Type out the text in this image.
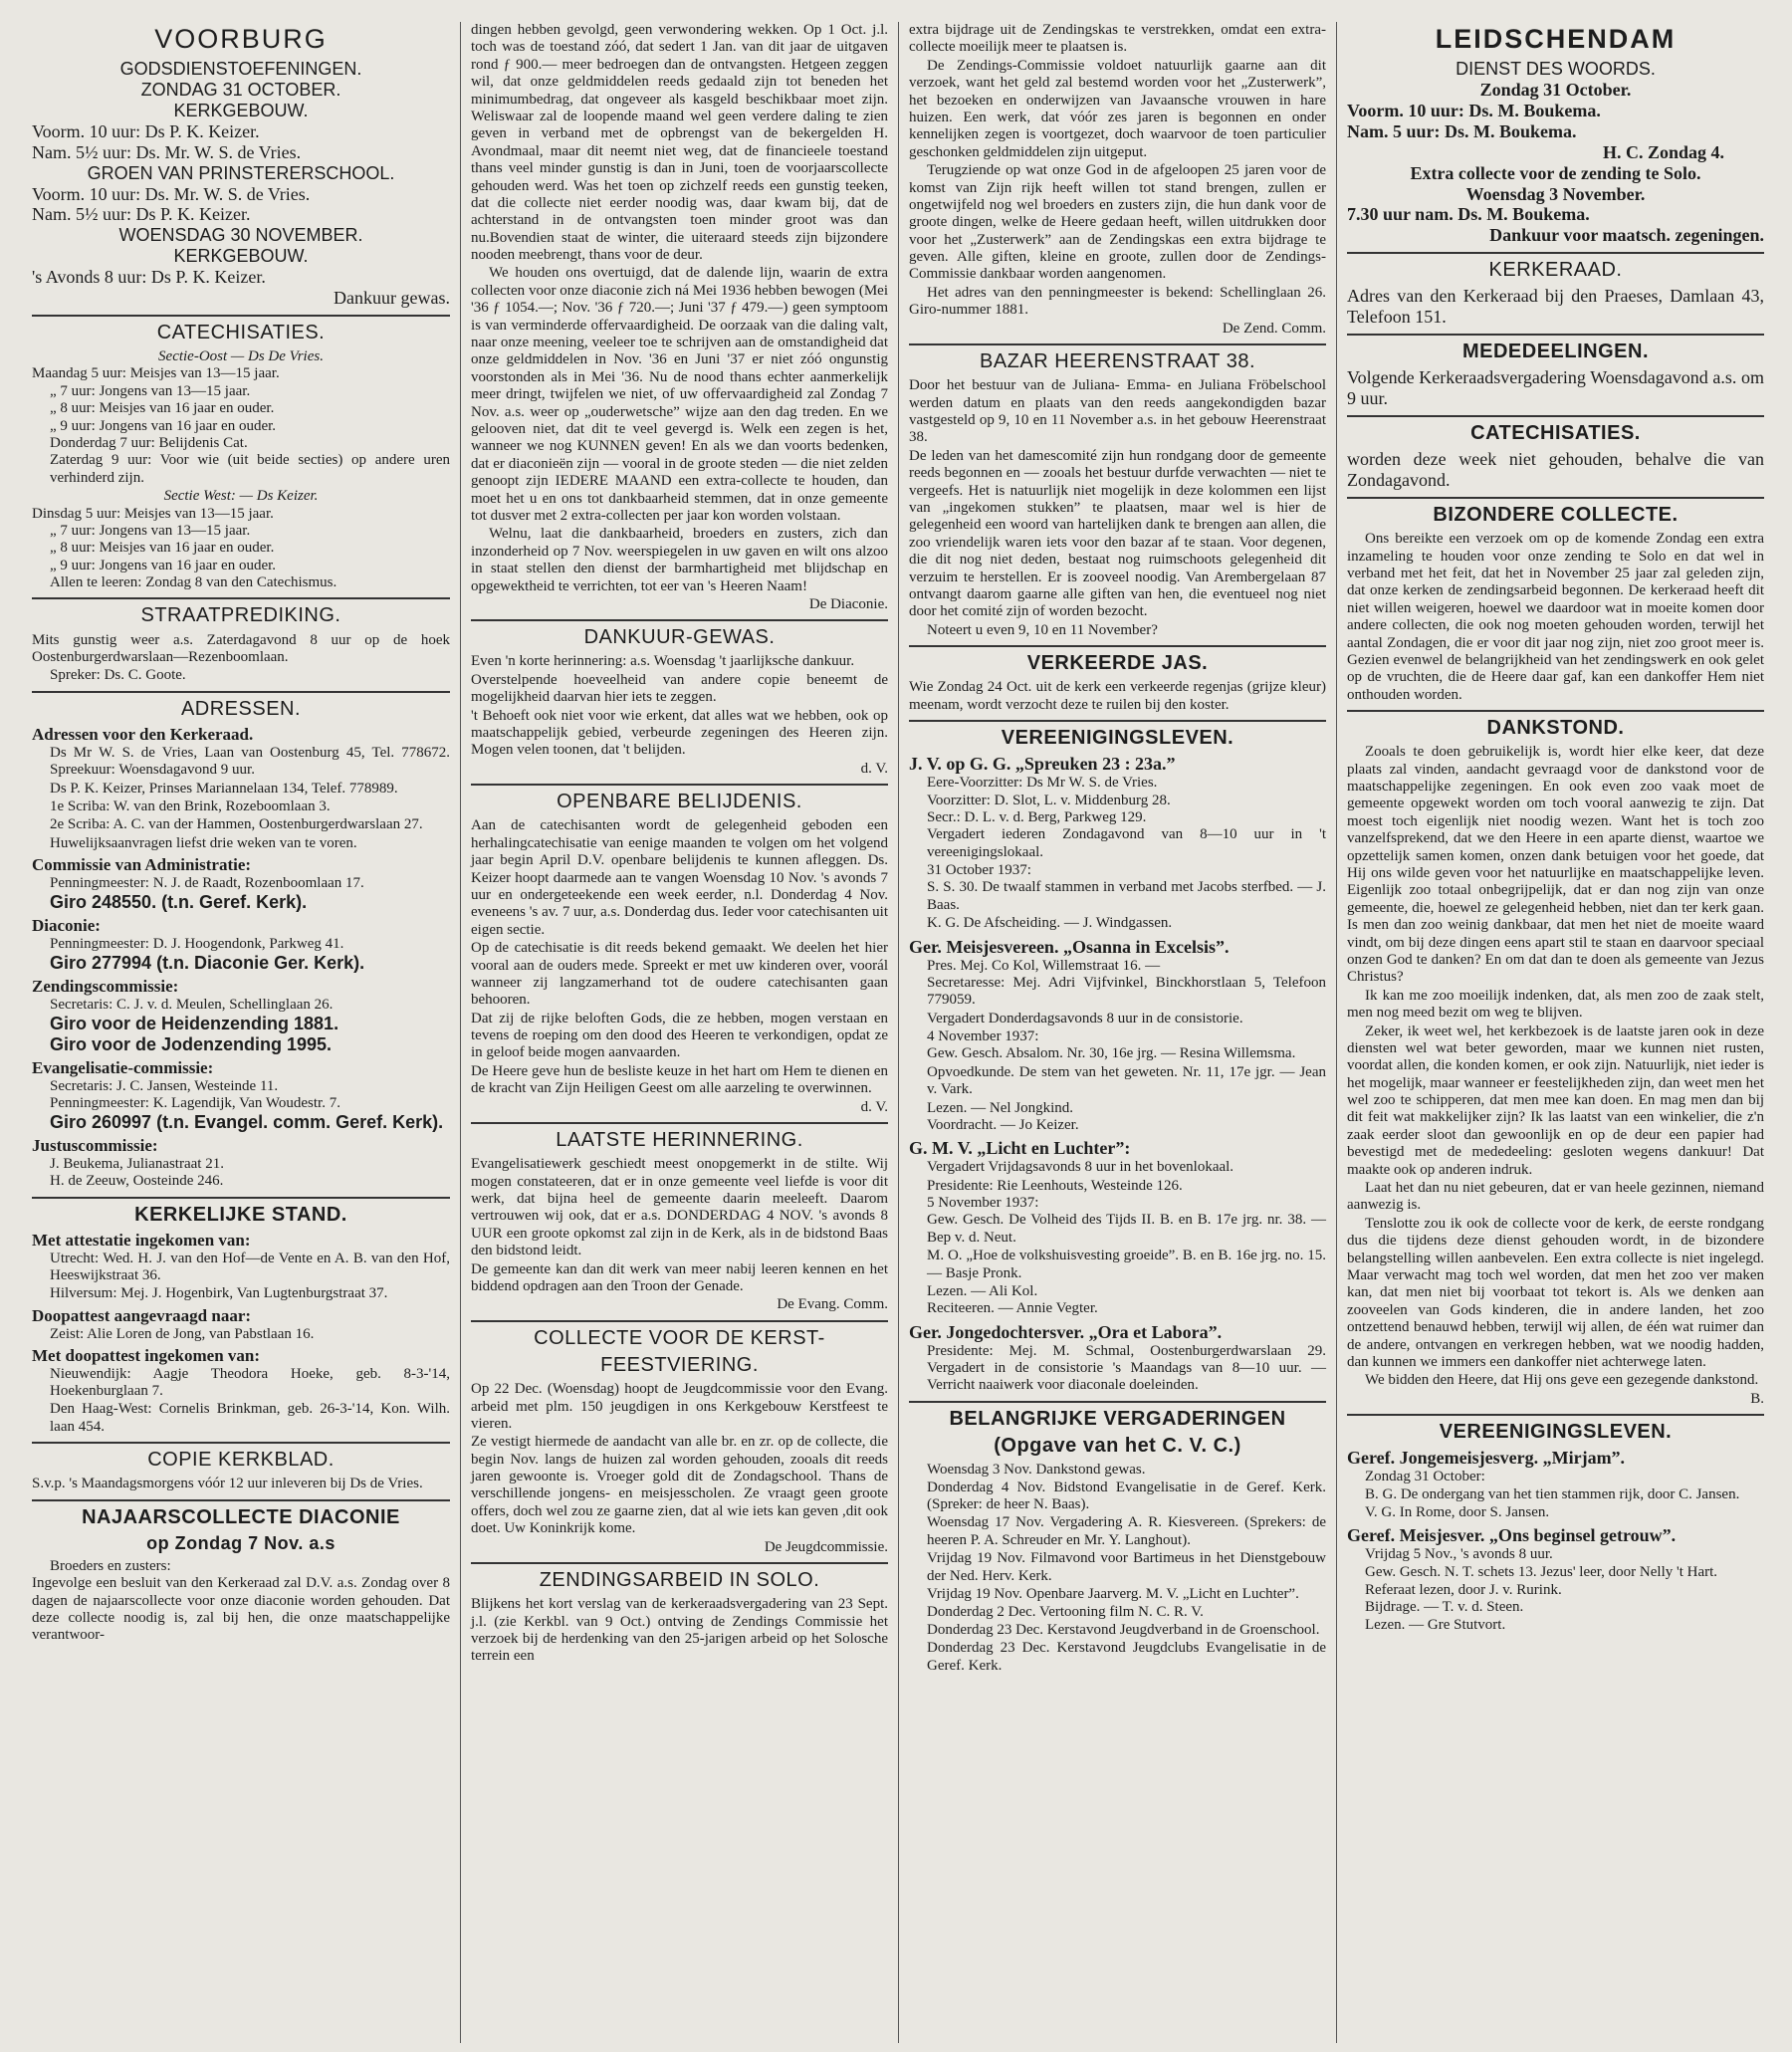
VOORBURG
GODSDIENSTOEFENINGEN.
ZONDAG 31 OCTOBER.
KERKGEBOUW.
Voorm. 10 uur: Ds P. K. Keizer.
Nam. 5½ uur: Ds. Mr. W. S. de Vries.
GROEN VAN PRINSTERERSCHOOL.
Voorm. 10 uur: Ds. Mr. W. S. de Vries.
Nam. 5½ uur: Ds P. K. Keizer.
WOENSDAG 30 NOVEMBER.
KERKGEBOUW.
's Avonds 8 uur: Ds P. K. Keizer.
Dankuur gewas.
CATECHISATIES.
Sectie-Oost — Ds De Vries.
Maandag 5 uur: Meisjes van 13—15 jaar.
„ 7 uur: Jongens van 13—15 jaar.
„ 8 uur: Meisjes van 16 jaar en ouder.
„ 9 uur: Jongens van 16 jaar en ouder.
Donderdag 7 uur: Belijdenis Cat.
Zaterdag 9 uur: Voor wie (uit beide secties) op andere uren verhinderd zijn.
Sectie West: — Ds Keizer.
Dinsdag 5 uur: Meisjes van 13—15 jaar.
„ 7 uur: Jongens van 13—15 jaar.
„ 8 uur: Meisjes van 16 jaar en ouder.
„ 9 uur: Jongens van 16 jaar en ouder.
Allen te leeren: Zondag 8 van den Catechismus.
STRAATPREDIKING.
Mits gunstig weer a.s. Zaterdagavond 8 uur op de hoek Oostenburgerdwarslaan—Rezenboomlaan.
Spreker: Ds. C. Goote.
ADRESSEN.
Adressen voor den Kerkeraad.
Ds Mr W. S. de Vries, Laan van Oostenburg 45, Tel. 778672. Spreekuur: Woensdagavond 9 uur.
Ds P. K. Keizer, Prinses Mariannelaan 134, Telef. 778989.
1e Scriba: W. van den Brink, Rozeboomlaan 3.
2e Scriba: A. C. van der Hammen, Oostenburgerdwarslaan 27.
Huwelijksaanvragen liefst drie weken van te voren.
Commissie van Administratie:
Penningmeester: N. J. de Raadt, Rozenboomlaan 17.
Giro 248550. (t.n. Geref. Kerk).
Diaconie:
Penningmeester: D. J. Hoogendonk, Parkweg 41.
Giro 277994 (t.n. Diaconie Ger. Kerk).
Zendingscommissie:
Secretaris: C. J. v. d. Meulen, Schellinglaan 26.
Giro voor de Heidenzending 1881.
Giro voor de Jodenzending 1995.
Evangelisatie-commissie:
Secretaris: J. C. Jansen, Westeinde 11.
Penningmeester: K. Lagendijk, Van Woudestr. 7.
Giro 260997 (t.n. Evangel. comm. Geref. Kerk).
Justuscommissie:
J. Beukema, Julianastraat 21.
H. de Zeeuw, Oosteinde 246.
KERKELIJKE STAND.
Met attestatie ingekomen van:
Utrecht: Wed. H. J. van den Hof—de Vente en A. B. van den Hof, Heeswijkstraat 36.
Hilversum: Mej. J. Hogenbirk, Van Lugtenburgstraat 37.
Doopattest aangevraagd naar:
Zeist: Alie Loren de Jong, van Pabstlaan 16.
Met doopattest ingekomen van:
Nieuwendijk: Aagje Theodora Hoeke, geb. 8-3-'14, Hoekenburglaan 7.
Den Haag-West: Cornelis Brinkman, geb. 26-3-'14, Kon. Wilh. laan 454.
COPIE KERKBLAD.
S.v.p. 's Maandagsmorgens vóór 12 uur inleveren bij Ds de Vries.
NAJAARSCOLLECTE DIACONIE
op Zondag 7 Nov. a.s
Broeders en zusters:
Ingevolge een besluit van den Kerkeraad zal D.V. a.s. Zondag over 8 dagen de najaarscollecte voor onze diaconie worden gehouden. Dat deze collecte noodig is, zal bij hen, die onze maatschappelijke verantwoor-
dingen hebben gevolgd, geen verwondering wekken. Op 1 Oct. j.l. toch was de toestand zóó, dat sedert 1 Jan. van dit jaar de uitgaven rond ƒ 900.— meer bedroegen dan de ontvangsten. Hetgeen zeggen wil, dat onze geldmiddelen reeds gedaald zijn tot beneden het minimumbedrag, dat ongeveer als kasgeld beschikbaar moet zijn. Weliswaar zal de loopende maand wel geen verdere daling te zien geven in verband met de opbrengst van de bekergelden H. Avondmaal, maar dit neemt niet weg, dat de financieele toestand thans veel minder gunstig is dan in Juni, toen de voorjaarscollecte gehouden werd. Was het toen op zichzelf reeds een gunstig teeken, dat die collecte niet eerder noodig was, daar kwam bij, dat de achterstand in de ontvangsten toen minder groot was dan nu.Bovendien staat de winter, die uiteraard steeds zijn bijzondere nooden meebrengt, thans voor de deur.
We houden ons overtuigd, dat de dalende lijn, waarin de extra collecten voor onze diaconie zich ná Mei 1936 hebben bewogen (Mei '36 ƒ 1054.—; Nov. '36 ƒ 720.—; Juni '37 ƒ 479.—) geen symptoom is van verminderde offervaardigheid. De oorzaak van die daling valt, naar onze meening, veeleer toe te schrijven aan de omstandigheid dat onze geldmiddelen in Nov. '36 en Juni '37 er niet zóó ongunstig voorstonden als in Mei '36. Nu de nood thans echter aanmerkelijk meer dringt, twijfelen we niet, of uw offervaardigheid zal Zondag 7 Nov. a.s. weer op „ouderwetsche” wijze aan den dag treden. En we gelooven niet, dat dit te veel gevergd is. Welk een zegen is het, wanneer we nog KUNNEN geven! En als we dan voorts bedenken, dat er diaconieën zijn — vooral in de groote steden — die niet zelden genoopt zijn IEDERE MAAND een extra-collecte te houden, dan moet het u en ons tot dankbaarheid stemmen, dat in onze gemeente tot dusver met 2 extra-collecten per jaar kon worden volstaan.
Welnu, laat die dankbaarheid, broeders en zusters, zich dan inzonderheid op 7 Nov. weerspiegelen in uw gaven en wilt ons alzoo in staat stellen den dienst der barmhartigheid met blijdschap en opgewektheid te verrichten, tot eer van 's Heeren Naam!
De Diaconie.
DANKUUR-GEWAS.
Even 'n korte herinnering: a.s. Woensdag 't jaarlijksche dankuur.
Overstelpende hoeveelheid van andere copie beneemt de mogelijkheid daarvan hier iets te zeggen.
't Behoeft ook niet voor wie erkent, dat alles wat we hebben, ook op maatschappelijk gebied, verbeurde zegeningen des Heeren zijn. Mogen velen toonen, dat 't belijden.
d. V.
OPENBARE BELIJDENIS.
Aan de catechisanten wordt de gelegenheid geboden een herhalingcatechisatie van eenige maanden te volgen om het volgend jaar begin April D.V. openbare belijdenis te kunnen afleggen. Ds. Keizer hoopt daarmede aan te vangen Woensdag 10 Nov. 's avonds 7 uur en ondergeteekende een week eerder, n.l. Donderdag 4 Nov. eveneens 's av. 7 uur, a.s. Donderdag dus. Ieder voor catechisanten uit eigen sectie.
Op de catechisatie is dit reeds bekend gemaakt. We deelen het hier vooral aan de ouders mede. Spreekt er met uw kinderen over, voorál wanneer zij langzamerhand tot de oudere catechisanten gaan behooren.
Dat zij de rijke beloften Gods, die ze hebben, mogen verstaan en tevens de roeping om den dood des Heeren te verkondigen, opdat ze in geloof beide mogen aanvaarden.
De Heere geve hun de besliste keuze in het hart om Hem te dienen en de kracht van Zijn Heiligen Geest om alle aarzeling te overwinnen.
d. V.
LAATSTE HERINNERING.
Evangelisatiewerk geschiedt meest onopgemerkt in de stilte. Wij mogen constateeren, dat er in onze gemeente veel liefde is voor dit werk, dat bijna heel de gemeente daarin meeleeft. Daarom vertrouwen wij ook, dat er a.s. DONDERDAG 4 NOV. 's avonds 8 UUR een groote opkomst zal zijn in de Kerk, als in de bidstond Baas den bidstond leidt.
De gemeente kan dan dit werk van meer nabij leeren kennen en het biddend opdragen aan den Troon der Genade.
De Evang. Comm.
COLLECTE VOOR DE KERST-
FEESTVIERING.
Op 22 Dec. (Woensdag) hoopt de Jeugdcommissie voor den Evang. arbeid met plm. 150 jeugdigen in ons Kerkgebouw Kerstfeest te vieren.
Ze vestigt hiermede de aandacht van alle br. en zr. op de collecte, die begin Nov. langs de huizen zal worden gehouden, zooals dit reeds jaren gewoonte is. Vroeger gold dit de Zondagschool. Thans de verschillende jongens- en meisjesscholen. Ze vraagt geen groote offers, doch wel zou ze gaarne zien, dat al wie iets kan geven ,dit ook doet. Uw Koninkrijk kome.
De Jeugdcommissie.
ZENDINGSARBEID IN SOLO.
Blijkens het kort verslag van de kerkeraadsvergadering van 23 Sept. j.l. (zie Kerkbl. van 9 Oct.) ontving de Zendings Commissie het verzoek bij de herdenking van den 25-jarigen arbeid op het Solosche terrein een
extra bijdrage uit de Zendingskas te verstrekken, omdat een extra-collecte moeilijk meer te plaatsen is.
De Zendings-Commissie voldoet natuurlijk gaarne aan dit verzoek, want het geld zal bestemd worden voor het „Zusterwerk”, het bezoeken en onderwijzen van Javaansche vrouwen in hare huizen. Een werk, dat vóór zes jaren is begonnen en onder kennelijken zegen is voortgezet, doch waarvoor de toen particulier geschonken geldmiddelen zijn uitgeput.
Terugziende op wat onze God in de afgeloopen 25 jaren voor de komst van Zijn rijk heeft willen tot stand brengen, zullen er ongetwijfeld nog wel broeders en zusters zijn, die hun dank voor de groote dingen, welke de Heere gedaan heeft, willen uitdrukken door voor het „Zusterwerk” aan de Zendingskas een extra bijdrage te geven. Alle giften, kleine en groote, zullen door de Zendings-Commissie dankbaar worden aangenomen.
Het adres van den penningmeester is bekend: Schellinglaan 26. Giro-nummer 1881.
De Zend. Comm.
BAZAR HEERENSTRAAT 38.
Door het bestuur van de Juliana- Emma- en Juliana Fröbelschool werden datum en plaats van den reeds aangekondigden bazar vastgesteld op 9, 10 en 11 November a.s. in het gebouw Heerenstraat 38.
De leden van het damescomité zijn hun rondgang door de gemeente reeds begonnen en — zooals het bestuur durfde verwachten — niet te vergeefs. Het is natuurlijk niet mogelijk in deze kolommen een lijst van „ingekomen stukken” te plaatsen, maar wel is hier de gelegenheid een woord van hartelijken dank te brengen aan allen, die zoo vriendelijk waren iets voor den bazar af te staan. Voor degenen, die dit nog niet deden, bestaat nog ruimschoots gelegenheid dit verzuim te herstellen. Er is zooveel noodig. Van Arembergelaan 87 ontvangt daarom gaarne alle giften van hen, die eventueel nog niet door het comité zijn of worden bezocht.
Noteert u even 9, 10 en 11 November?
VERKEERDE JAS.
Wie Zondag 24 Oct. uit de kerk een verkeerde regenjas (grijze kleur) meenam, wordt verzocht deze te ruilen bij den koster.
VEREENIGINGSLEVEN.
J. V. op G. G. „Spreuken 23 : 23a.”
Eere-Voorzitter: Ds Mr W. S. de Vries.
Voorzitter: D. Slot, L. v. Middenburg 28.
Secr.: D. L. v. d. Berg, Parkweg 129.
Vergadert iederen Zondagavond van 8—10 uur in 't vereenigingslokaal.
31 October 1937:
S. S. 30. De twaalf stammen in verband met Jacobs sterfbed. — J. Baas.
K. G. De Afscheiding. — J. Windgassen.
Ger. Meisjesvereen. „Osanna in Excelsis”.
Pres. Mej. Co Kol, Willemstraat 16. —
Secretaresse: Mej. Adri Vijfvinkel, Binckhorstlaan 5, Telefoon 779059.
Vergadert Donderdagsavonds 8 uur in de consistorie.
4 November 1937:
Gew. Gesch. Absalom. Nr. 30, 16e jrg. — Resina Willemsma.
Opvoedkunde. De stem van het geweten. Nr. 11, 17e jgr. — Jean v. Vark.
Lezen. — Nel Jongkind.
Voordracht. — Jo Keizer.
G. M. V. „Licht en Luchter”:
Vergadert Vrijdagsavonds 8 uur in het bovenlokaal.
Presidente: Rie Leenhouts, Westeinde 126.
5 November 1937:
Gew. Gesch. De Volheid des Tijds II. B. en B. 17e jrg. nr. 38. — Bep v. d. Neut.
M. O. „Hoe de volkshuisvesting groeide”. B. en B. 16e jrg. no. 15. — Basje Pronk.
Lezen. — Ali Kol.
Reciteeren. — Annie Vegter.
Ger. Jongedochtersver. „Ora et Labora”.
Presidente: Mej. M. Schmal, Oostenburgerdwarslaan 29. Vergadert in de consistorie 's Maandags van 8—10 uur. — Verricht naaiwerk voor diaconale doeleinden.
BELANGRIJKE VERGADERINGEN
(Opgave van het C. V. C.)
Woensdag 3 Nov. Dankstond gewas.
Donderdag 4 Nov. Bidstond Evangelisatie in de Geref. Kerk. (Spreker: de heer N. Baas).
Woensdag 17 Nov. Vergadering A. R. Kiesvereen. (Sprekers: de heeren P. A. Schreuder en Mr. Y. Langhout).
Vrijdag 19 Nov. Filmavond voor Bartimeus in het Dienstgebouw der Ned. Herv. Kerk.
Vrijdag 19 Nov. Openbare Jaarverg. M. V. „Licht en Luchter”.
Donderdag 2 Dec. Vertooning film N. C. R. V.
Donderdag 23 Dec. Kerstavond Jeugdverband in de Groenschool.
Donderdag 23 Dec. Kerstavond Jeugdclubs Evangelisatie in de Geref. Kerk.
LEIDSCHENDAM
DIENST DES WOORDS.
Zondag 31 October.
Voorm. 10 uur: Ds. M. Boukema.
Nam. 5 uur: Ds. M. Boukema.
H. C. Zondag 4.
Extra collecte voor de zending te Solo.
Woensdag 3 November.
7.30 uur nam. Ds. M. Boukema.
Dankuur voor maatsch. zegeningen.
KERKERAAD.
Adres van den Kerkeraad bij den Praeses, Damlaan 43, Telefoon 151.
MEDEDEELINGEN.
Volgende Kerkeraadsvergadering Woensdagavond a.s. om 9 uur.
CATECHISATIES.
worden deze week niet gehouden, behalve die van Zondagavond.
BIZONDERE COLLECTE.
Ons bereikte een verzoek om op de komende Zondag een extra inzameling te houden voor onze zending te Solo en dat wel in verband met het feit, dat het in November 25 jaar zal geleden zijn, dat onze kerken de zendingsarbeid begonnen. De kerkeraad heeft dit niet willen weigeren, hoewel we daardoor wat in moeite komen door andere collecten, die ook nog moeten gehouden worden, terwijl het aantal Zondagen, die er voor dit jaar nog zijn, niet zoo groot meer is. Gezien evenwel de belangrijkheid van het zendingswerk en ook gelet op de vruchten, die de Heere daar gaf, kan een dankoffer Hem niet onthouden worden.
DANKSTOND.
Zooals te doen gebruikelijk is, wordt hier elke keer, dat deze plaats zal vinden, aandacht gevraagd voor de dankstond voor de maatschappelijke zegeningen. En ook even zoo vaak moet de gemeente opgewekt worden om toch vooral aanwezig te zijn. Dat moest toch eigenlijk niet noodig wezen. Want het is toch zoo vanzelfsprekend, dat we den Heere in een aparte dienst, waartoe we opzettelijk samen komen, onzen dank betuigen voor het goede, dat Hij ons wilde geven voor het natuurlijke en maatschappelijke leven. Eigenlijk zoo totaal onbegrijpelijk, dat er dan nog zijn van onze gemeente, die, hoewel ze gelegenheid hebben, niet dan ter kerk gaan. Is men dan zoo weinig dankbaar, dat men het niet de moeite waard vindt, om bij deze dingen eens apart stil te staan en daarvoor speciaal onzen God te danken? En om dat dan te doen als gemeente van Jezus Christus?
Ik kan me zoo moeilijk indenken, dat, als men zoo de zaak stelt, men nog meed bezit om weg te blijven.
Zeker, ik weet wel, het kerkbezoek is de laatste jaren ook in deze diensten wel wat beter geworden, maar we kunnen niet rusten, voordat allen, die konden komen, er ook zijn. Natuurlijk, niet ieder is het mogelijk, maar wanneer er feestelijkheden zijn, dan weet men het wel zoo te schipperen, dat men mee kan doen. En mag men dan bij dit feit wat makkelijker zijn? Ik las laatst van een winkelier, die z'n zaak eerder sloot dan gewoonlijk en op de deur een papier had bevestigd met de mededeeling: gesloten wegens dankuur! Dat maakte ook op anderen indruk.
Laat het dan nu niet gebeuren, dat er van heele gezinnen, niemand aanwezig is.
Tenslotte zou ik ook de collecte voor de kerk, de eerste rondgang dus die tijdens deze dienst gehouden wordt, in de bizondere belangstelling willen aanbevelen. Een extra collecte is niet ingelegd. Maar verwacht mag toch wel worden, dat men het zoo ver maken kan, dat men niet bij voorbaat tot tekort is. Als we denken aan zooveelen van Gods kinderen, die in andere landen, het zoo ontzettend benauwd hebben, terwijl wij allen, de één wat ruimer dan de andere, ontvangen en verkregen hebben, wat we noodig hadden, dan kunnen we immers een dankoffer niet achterwege laten.
We bidden den Heere, dat Hij ons geve een gezegende dankstond.
B.
VEREENIGINGSLEVEN.
Geref. Jongemeisjesverg. „Mirjam”.
Zondag 31 October:
B. G. De ondergang van het tien stammen rijk, door C. Jansen.
V. G. In Rome, door S. Jansen.
Geref. Meisjesver. „Ons beginsel getrouw”.
Vrijdag 5 Nov., 's avonds 8 uur.
Gew. Gesch. N. T. schets 13. Jezus' leer, door Nelly 't Hart.
Referaat lezen, door J. v. Rurink.
Bijdrage. — T. v. d. Steen.
Lezen. — Gre Stutvort.
